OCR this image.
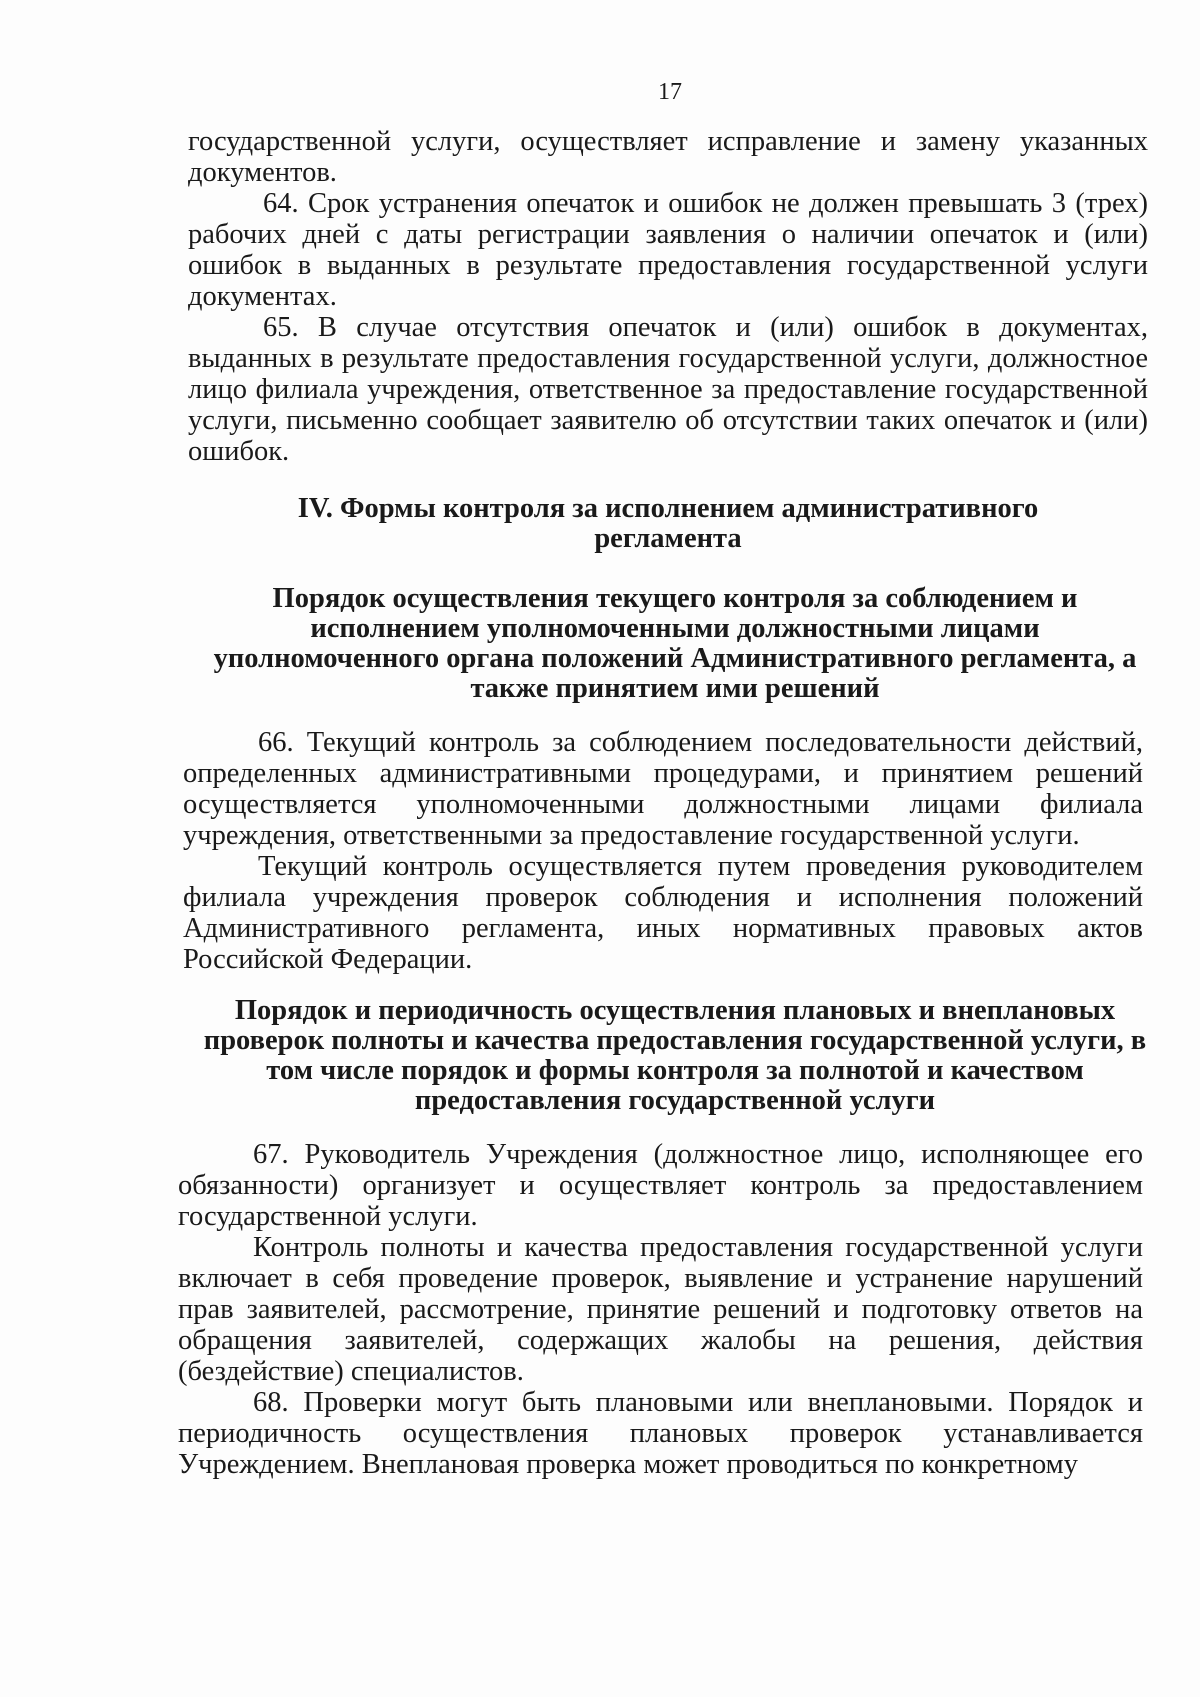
17

государственной услуги, осуществляет исправление и замену указанных документов.

64. Срок устранения опечаток и ошибок не должен превышать 3 (трех) рабочих дней с даты регистрации заявления о наличии опечаток и (или) ошибок в выданных в результате предоставления государственной услуги документах.

65. В случае отсутствия опечаток и (или) ошибок в документах, выданных в результате предоставления государственной услуги, должностное лицо филиала учреждения, ответственное за предоставление государственной услуги, письменно сообщает заявителю об отсутствии таких опечаток и (или) ошибок.

IV. Формы контроля за исполнением административного
регламента
Порядок осуществления текущего контроля за соблюдением и
исполнением уполномоченными должностными лицами
уполномоченного органа положений Административного регламента, а
также принятием ими решений

66. Текущий контроль за соблюдением последовательности действий, определенных административными процедурами, и принятием решений осуществляется уполномоченными должностными лицами филиала учреждения, ответственными за предоставление государственной услуги.

Текущий контроль осуществляется путем проведения руководителем филиала учреждения проверок соблюдения и исполнения положений Административного регламента, иных нормативных правовых актов Российской Федерации.

Порядок и периодичность осуществления плановых и внеплановых
проверок полноты и качества предоставления государственной услуги, в
том числе порядок и формы контроля за полнотой и качеством
предоставления государственной услуги

67. Руководитель Учреждения (должностное лицо, исполняющее его обязанности) организует и осуществляет контроль за предоставлением государственной услуги.

Контроль полноты и качества предоставления государственной услуги включает в себя проведение проверок, выявление и устранение нарушений прав заявителей, рассмотрение, принятие решений и подготовку ответов на обращения заявителей, содержащих жалобы на решения, действия (бездействие) специалистов.

68. Проверки могут быть плановыми или внеплановыми. Порядок и периодичность осуществления плановых проверок устанавливается Учреждением. Внеплановая проверка может проводиться по конкретному
